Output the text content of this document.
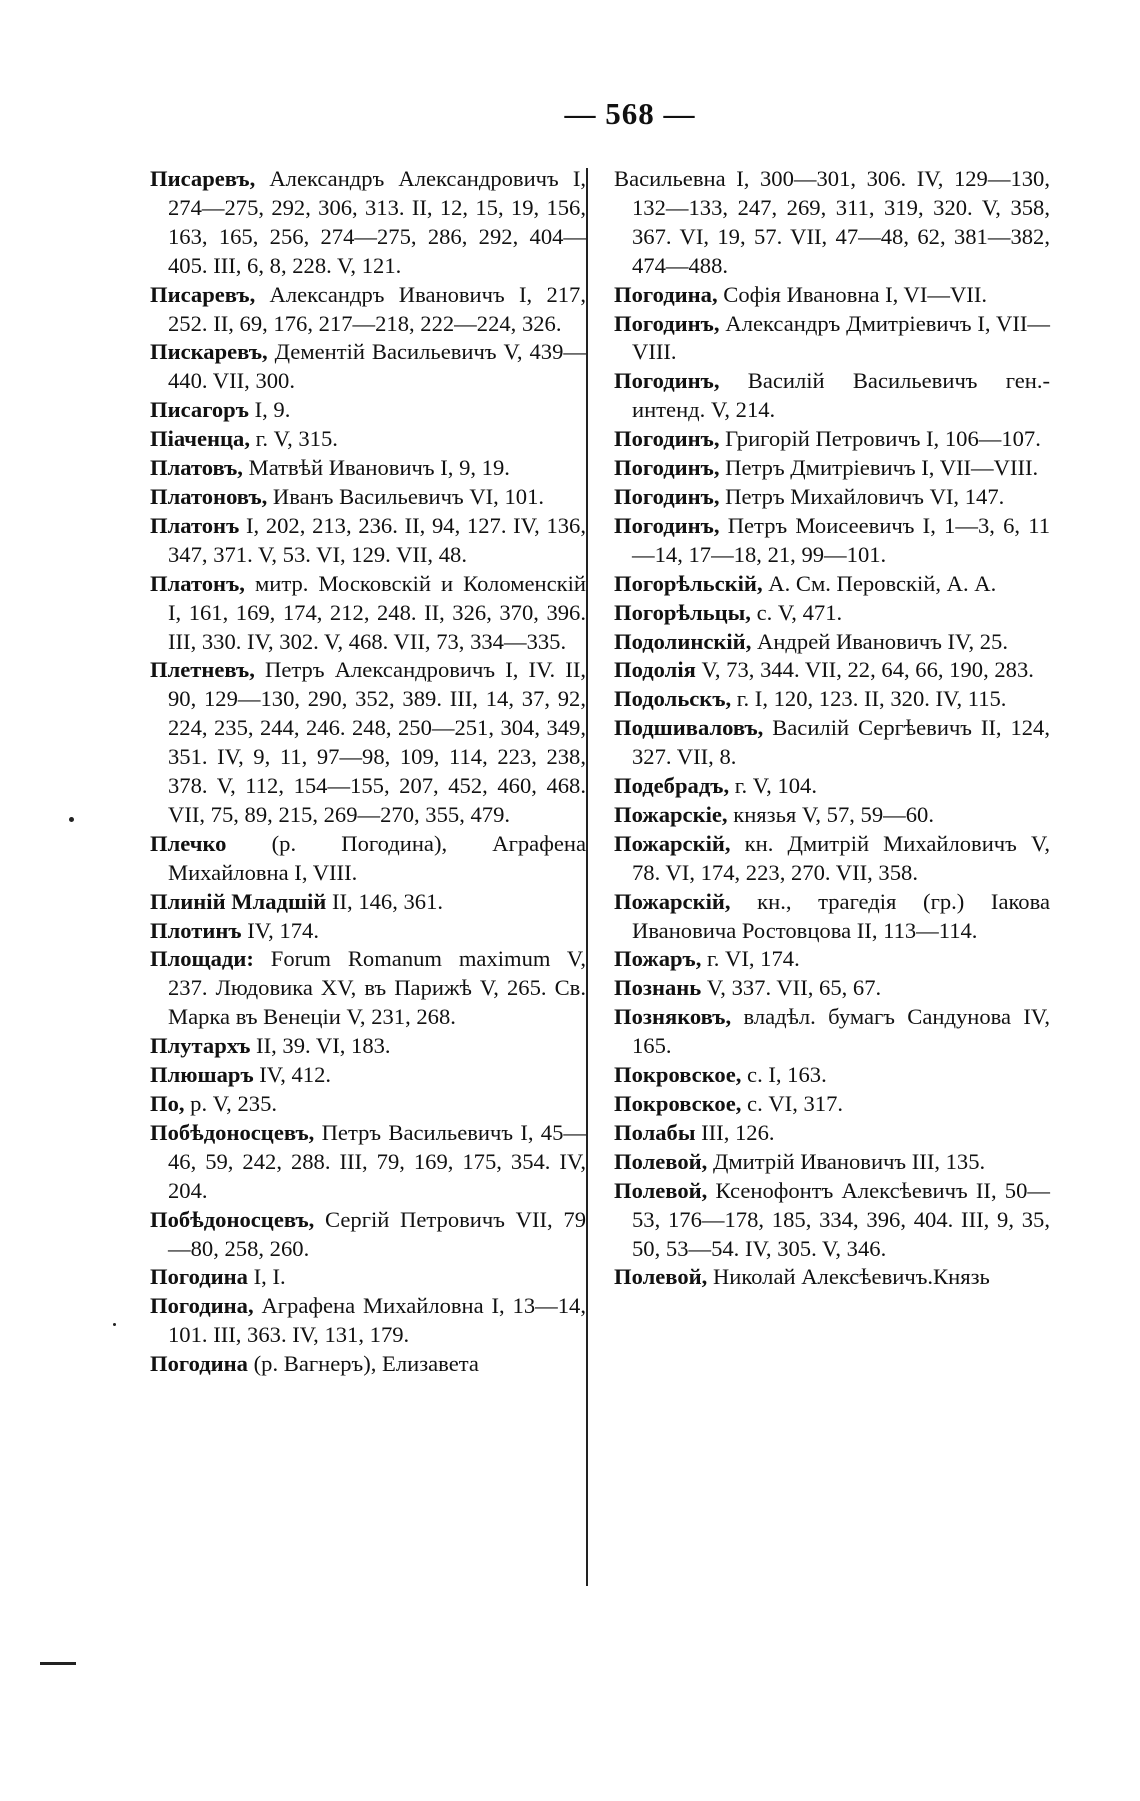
— 568 —

Писаревъ, Александръ Александровичъ I, 274—275, 292, 306, 313. II, 12, 15, 19, 156, 163, 165, 256, 274—275, 286, 292, 404—405. III, 6, 8, 228. V, 121.

Писаревъ, Александръ Ивановичъ I, 217, 252. II, 69, 176, 217—218, 222—224, 326.

Пискаревъ, Дементій Васильевичъ V, 439—440. VII, 300.

Писагоръ I, 9.

Піаченца, г. V, 315.

Платовъ, Матвѣй Ивановичъ I, 9, 19.

Платоновъ, Иванъ Васильевичъ VI, 101.

Платонъ I, 202, 213, 236. II, 94, 127. IV, 136, 347, 371. V, 53. VI, 129. VII, 48.

Платонъ, митр. Московскій и Коломенскій I, 161, 169, 174, 212, 248. II, 326, 370, 396. III, 330. IV, 302. V, 468. VII, 73, 334—335.

Плетневъ, Петръ Александровичъ I, IV. II, 90, 129—130, 290, 352, 389. III, 14, 37, 92, 224, 235, 244, 246. 248, 250—251, 304, 349, 351. IV, 9, 11, 97—98, 109, 114, 223, 238, 378. V, 112, 154—155, 207, 452, 460, 468. VII, 75, 89, 215, 269—270, 355, 479.

Плечко (р. Погодина), Аграфена Михайловна I, VIII.

Плиній Младшій II, 146, 361.

Плотинъ IV, 174.

Площади: Forum Romanum maximum V, 237. Людовика XV, въ Парижѣ V, 265. Св. Марка въ Венеціи V, 231, 268.

Плутархъ II, 39. VI, 183.

Плюшаръ IV, 412.

По, р. V, 235.

Побѣдоносцевъ, Петръ Васильевичъ I, 45—46, 59, 242, 288. III, 79, 169, 175, 354. IV, 204.

Побѣдоносцевъ, Сергій Петровичъ VII, 79—80, 258, 260.

Погодина I, I.

Погодина, Аграфена Михайловна I, 13—14, 101. III, 363. IV, 131, 179.

Погодина (р. Вагнеръ), Елизавета

Васильевна I, 300—301, 306. IV, 129—130, 132—133, 247, 269, 311, 319, 320. V, 358, 367. VI, 19, 57. VII, 47—48, 62, 381—382, 474—488.

Погодина, Софія Ивановна I, VI—VII.

Погодинъ, Александръ Дмитріевичъ I, VII—VIII.

Погодинъ, Василій Васильевичъ ген.-интенд. V, 214.

Погодинъ, Григорій Петровичъ I, 106—107.

Погодинъ, Петръ Дмитріевичъ I, VII—VIII.

Погодинъ, Петръ Михайловичъ VI, 147.

Погодинъ, Петръ Моисеевичъ I, 1—3, 6, 11—14, 17—18, 21, 99—101.

Погорѣльскій, А. См. Перовскій, А. А.

Погорѣльцы, с. V, 471.

Подолинскій, Андрей Ивановичъ IV, 25.

Подолія V, 73, 344. VII, 22, 64, 66, 190, 283.

Подольскъ, г. I, 120, 123. II, 320. IV, 115.

Подшиваловъ, Василій Сергѣевичъ II, 124, 327. VII, 8.

Подебрадъ, г. V, 104.

Пожарскіе, князья V, 57, 59—60.

Пожарскій, кн. Дмитрій Михайловичъ V, 78. VI, 174, 223, 270. VII, 358.

Пожарскій, кн., трагедія (гр.) Іакова Ивановича Ростовцова II, 113—114.

Пожаръ, г. VI, 174.

Познань V, 337. VII, 65, 67.

Позняковъ, владѣл. бумагъ Сандунова IV, 165.

Покровское, с. I, 163.

Покровское, с. VI, 317.

Полабы III, 126.

Полевой, Дмитрій Ивановичъ III, 135.

Полевой, Ксенофонтъ Алексѣевичъ II, 50—53, 176—178, 185, 334, 396, 404. III, 9, 35, 50, 53—54. IV, 305. V, 346.

Полевой, Николай Алексѣевичъ.Князь
